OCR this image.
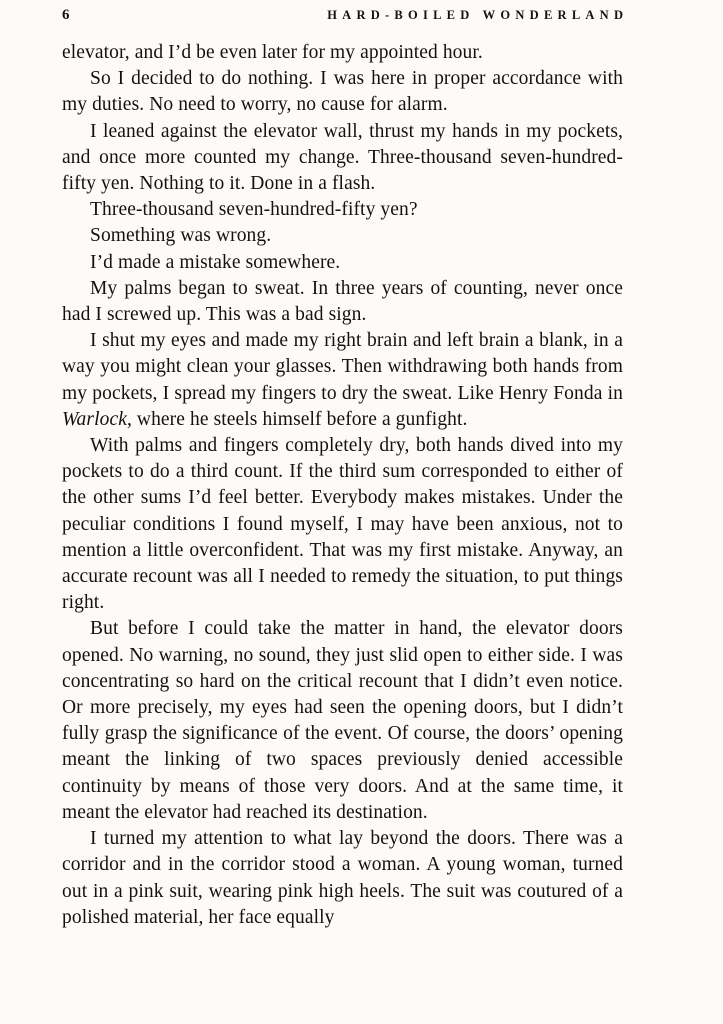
6	HARD-BOILED WONDERLAND

elevator, and I’d be even later for my appointed hour.

So I decided to do nothing. I was here in proper accordance with my duties. No need to worry, no cause for alarm.

I leaned against the elevator wall, thrust my hands in my pockets, and once more counted my change. Three-thousand seven-hundred-fifty yen. Nothing to it. Done in a flash.

Three-thousand seven-hundred-fifty yen?

Something was wrong.

I’d made a mistake somewhere.

My palms began to sweat. In three years of counting, never once had I screwed up. This was a bad sign.

I shut my eyes and made my right brain and left brain a blank, in a way you might clean your glasses. Then withdrawing both hands from my pockets, I spread my fingers to dry the sweat. Like Henry Fonda in Warlock, where he steels himself before a gunfight.

With palms and fingers completely dry, both hands dived into my pockets to do a third count. If the third sum corresponded to either of the other sums I’d feel better. Everybody makes mistakes. Under the peculiar conditions I found myself, I may have been anxious, not to mention a little overconfident. That was my first mistake. Anyway, an accurate recount was all I needed to remedy the situation, to put things right.

But before I could take the matter in hand, the elevator doors opened. No warning, no sound, they just slid open to either side. I was concentrating so hard on the critical recount that I didn’t even notice. Or more precisely, my eyes had seen the opening doors, but I didn’t fully grasp the significance of the event. Of course, the doors’ opening meant the linking of two spaces previously denied accessible continuity by means of those very doors. And at the same time, it meant the elevator had reached its destination.

I turned my attention to what lay beyond the doors. There was a corridor and in the corridor stood a woman. A young woman, turned out in a pink suit, wearing pink high heels. The suit was coutured of a polished material, her face equally
